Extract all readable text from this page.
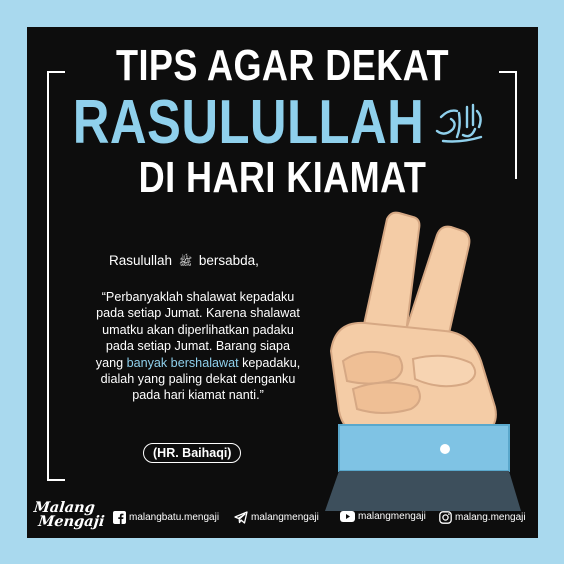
TIPS AGAR DEKAT
RASULULLAH
DI HARI KIAMAT
Rasulullah ﷺ bersabda,
“Perbanyaklah shalawat kepadaku pada setiap Jumat. Karena shalawat umatku akan diperlihatkan padaku pada setiap Jumat. Barang siapa yang banyak bershalawat kepadaku, dialah yang paling dekat denganku pada hari kiamat nanti.”
(HR. Baihaqi)
Malang
Mengaji malangbatu.mengaji	malangmengaji	malangmengaji	malang.mengaji
